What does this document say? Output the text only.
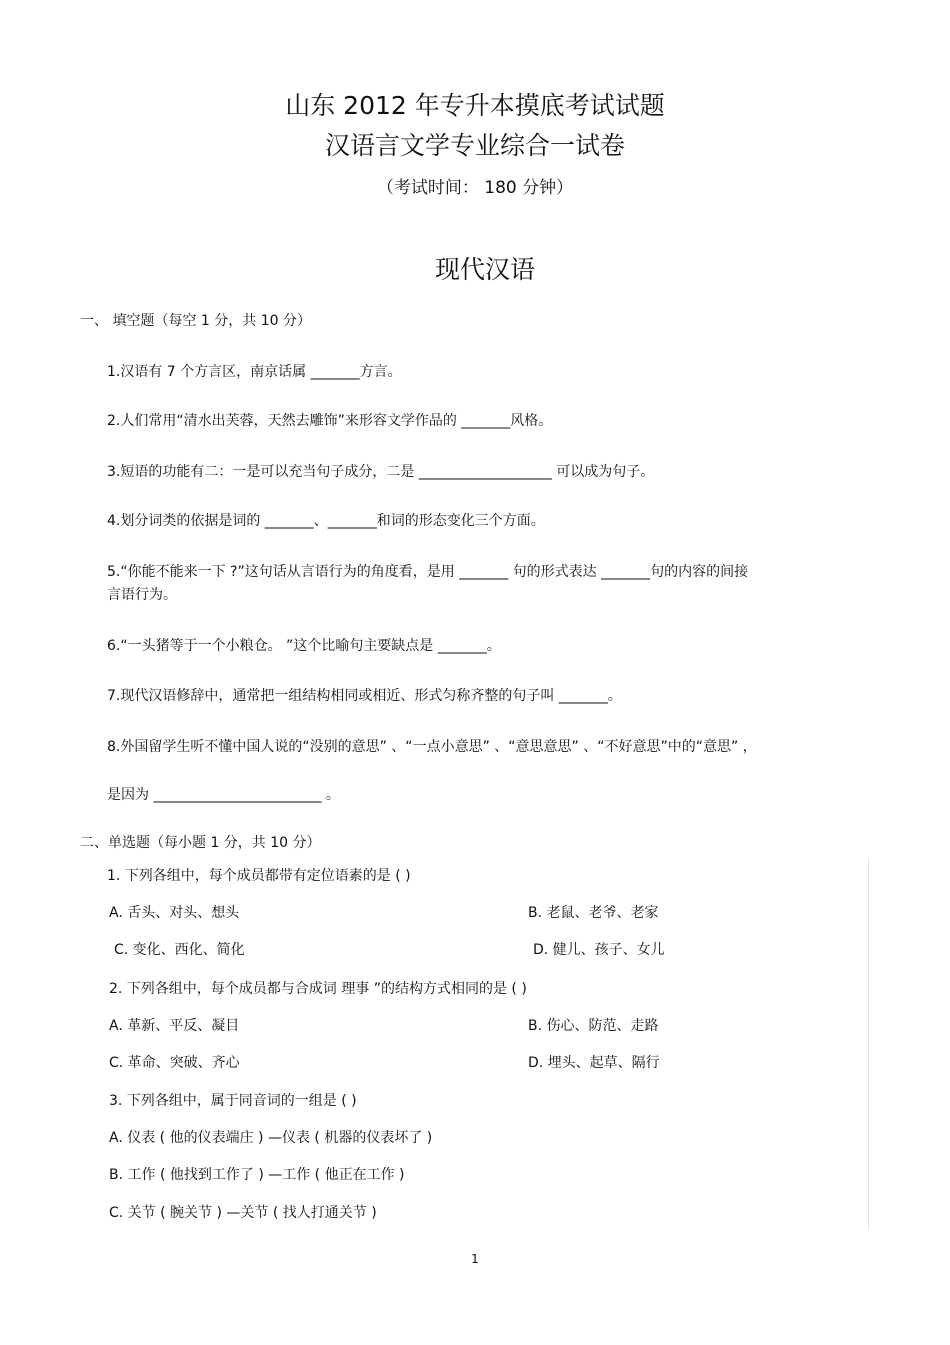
山东 2012 年专升本摸底考试试题
汉语言文学专业综合一试卷
（考试时间： 180 分钟）
现代汉语
一、 填空题（每空 1 分，共 10 分）
1.汉语有 7 个方言区，南京话属 _______方言。
2.人们常用“清水出芙蓉，天然去雕饰”来形容文学作品的 _______风格。
3.短语的功能有二：一是可以充当句子成分，二是 ___________________ 可以成为句子。
4.划分词类的依据是词的 _______、_______和词的形态变化三个方面。
5.“你能不能来一下 ?”这句话从言语行为的角度看，是用 _______ 句的形式表达 _______句的内容的间接
言语行为。
6.“一头猪等于一个小粮仓。 ”这个比喻句主要缺点是 _______。
7.现代汉语修辞中，通常把一组结构相同或相近、形式匀称齐整的句子叫 _______。
8.外国留学生听不懂中国人说的“没别的意思” 、“一点小意思” 、“意思意思” 、“不好意思”中的“意思” ，
是因为 ________________________ 。
二、单选题（每小题 1 分，共 10 分）
1. 下列各组中，每个成员都带有定位语素的是 ( )
A. 舌头、对头、想头	B. 老鼠、老爷、老家
C. 变化、西化、简化	D. 健儿、孩子、女儿
2. 下列各组中，每个成员都与合成词 理事 ”的结构方式相同的是 ( )
A. 革新、平反、凝目	B. 伤心、防范、走路
C. 革命、突破、齐心	D. 埋头、起草、隔行
3. 下列各组中，属于同音词的一组是 ( )
A. 仪表 ( 他的仪表端庄 ) —仪表 ( 机器的仪表坏了 )
B. 工作 ( 他找到工作了 ) —工作 ( 他正在工作 )
C. 关节 ( 腕关节 ) —关节 ( 找人打通关节 )
1
